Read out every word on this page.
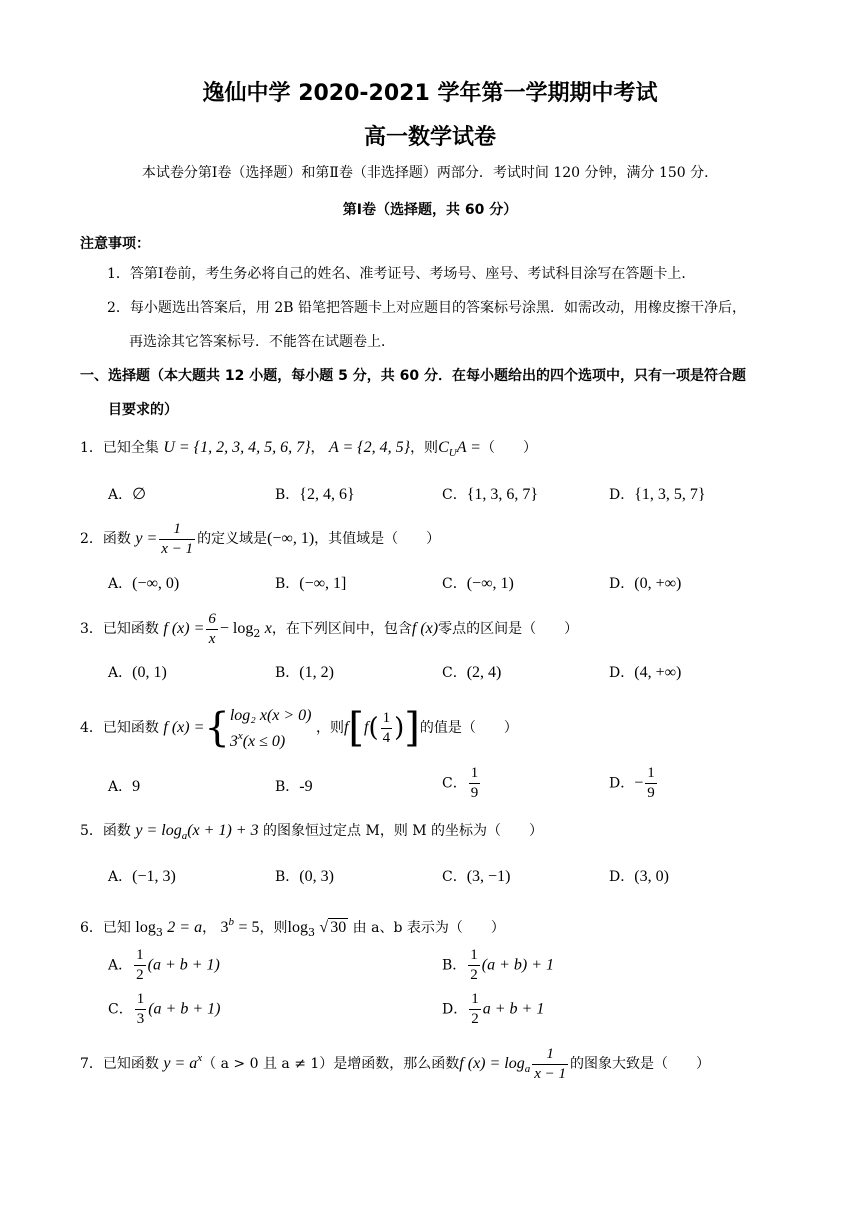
逸仙中学 2020-2021 学年第一学期期中考试
高一数学试卷
本试卷分第Ⅰ卷（选择题）和第Ⅱ卷（非选择题）两部分．考试时间 120 分钟，满分 150 分．
第Ⅰ卷（选择题，共 60 分）
注意事项：
1．答第Ⅰ卷前，考生务必将自己的姓名、准考证号、考场号、座号、考试科目涂写在答题卡上．
2．每小题选出答案后，用 2B 铅笔把答题卡上对应题目的答案标号涂黑．如需改动，用橡皮擦干净后，
再选涂其它答案标号．不能答在试题卷上．
一、选择题（本大题共 12 小题，每小题 5 分，共 60 分．在每小题给出的四个选项中，只有一项是符合题
目要求的）
1．已知全集 U = {1, 2, 3, 4, 5, 6, 7}， A = {2, 4, 5}，则$C_UA$ =（　　）
A．∅	B．{2, 4, 6}	C．{1, 3, 6, 7}	D．{1, 3, 5, 7}
2．函数 $y = \frac{1}{x - 1}$ 的定义域是(−∞, 1)，其值域是（　　）
A．(−∞, 0)	B．(−∞, 1]	C．(−∞, 1)	D．(0, +∞)
3．已知函数 f $(x) = \frac{6}{x} - \log_2 x$，在下列区间中，包含f (x)零点的区间是（　　）
A．(0, 1)	B．(1, 2)	C．(2, 4)	D．(4, +∞)
4．已知函数 f (x) ={ log₂ x(x > 0)
$3^x(x \le 0)$
，则$f[f( \frac{1}{4}$ )]的值是（　　）
A．9	B．-9	C． $\frac{1}{9}$	D．− $\frac{1}{9}$
5．函数 $y = \log_a(x + 1) + 3$ 的图象恒过定点 M，则 M 的坐标为（　　）
A．(−1, 3)	B．(0, 3)	C．(3, −1)	D．(3, 0)
6．已知 $\log_3 2 = a$， $3^b = 5$，则$\log_3$ √ 30 由 a、b 表示为（　　）
A． $\frac{1}{2} (a + b + 1)$	B． $\frac{1}{2} (a + b) + 1$
C． $\frac{1}{3} (a + b + 1)$	D． $\frac{1}{2}$ a + b + 1
7．已知函数 $y = a^x$（ a > 0 且 a ≠ 1）是增函数，那么函数f $(x) = \log_a \frac{1}{x - 1}$ 的图象大致是（　　）
